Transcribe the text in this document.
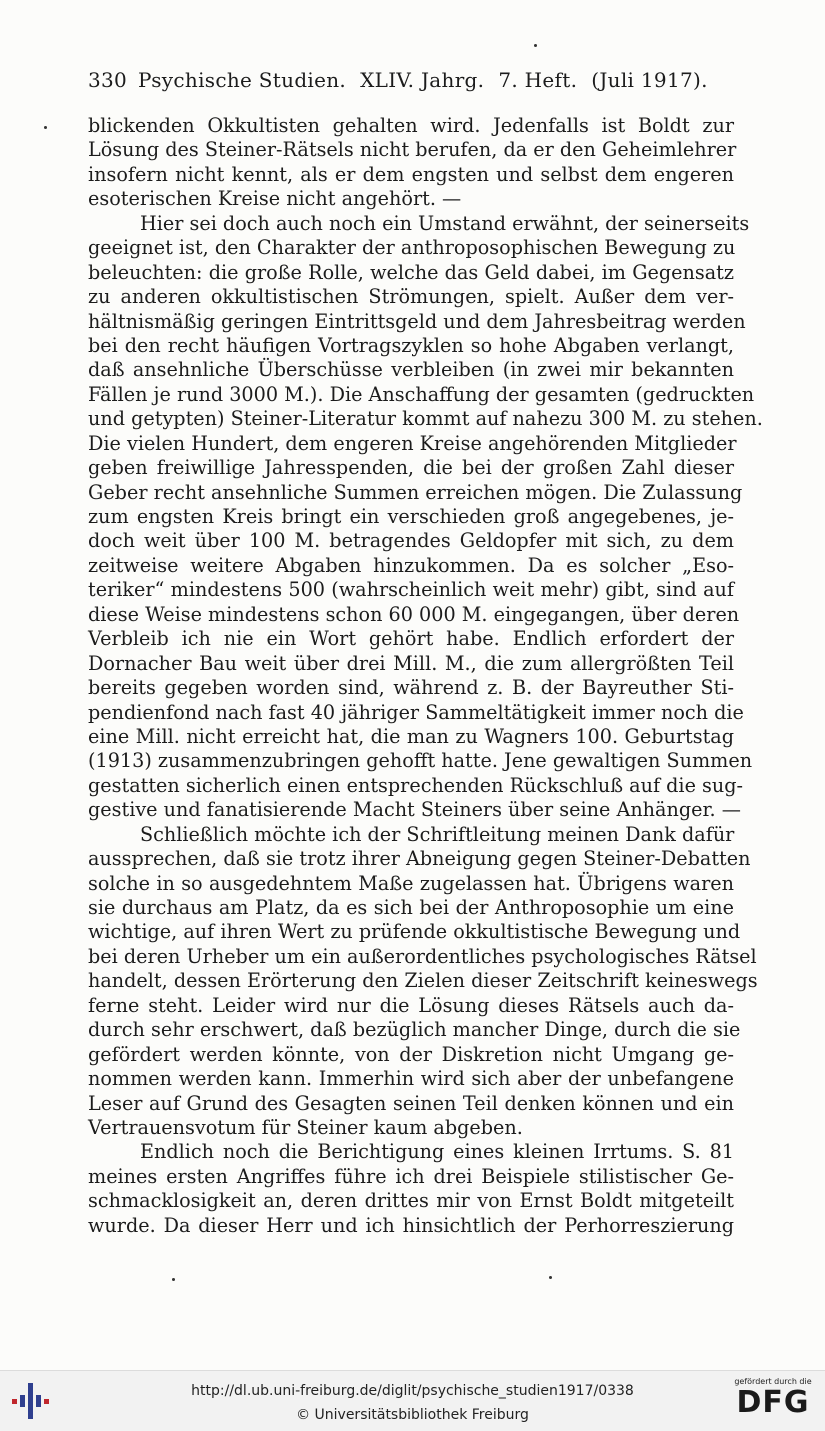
330 Psychische Studien. XLIV. Jahrg. 7. Heft. (Juli 1917).
blickenden Okkultisten gehalten wird. Jedenfalls ist Boldt zur
Lösung des Steiner-Rätsels nicht berufen, da er den Geheimlehrer
insofern nicht kennt, als er dem engsten und selbst dem engeren
esoterischen Kreise nicht angehört. —
Hier sei doch auch noch ein Umstand erwähnt, der seinerseits
geeignet ist, den Charakter der anthroposophischen Bewegung zu
beleuchten: die große Rolle, welche das Geld dabei, im Gegensatz
zu anderen okkultistischen Strömungen, spielt. Außer dem ver-
hältnismäßig geringen Eintrittsgeld und dem Jahresbeitrag werden
bei den recht häufigen Vortragszyklen so hohe Abgaben verlangt,
daß ansehnliche Überschüsse verbleiben (in zwei mir bekannten
Fällen je rund 3000 M.). Die Anschaffung der gesamten (gedruckten
und getypten) Steiner-Literatur kommt auf nahezu 300 M. zu stehen.
Die vielen Hundert, dem engeren Kreise angehörenden Mitglieder
geben freiwillige Jahresspenden, die bei der großen Zahl dieser
Geber recht ansehnliche Summen erreichen mögen. Die Zulassung
zum engsten Kreis bringt ein verschieden groß angegebenes, je-
doch weit über 100 M. betragendes Geldopfer mit sich, zu dem
zeitweise weitere Abgaben hinzukommen. Da es solcher „Eso-
teriker“ mindestens 500 (wahrscheinlich weit mehr) gibt, sind auf
diese Weise mindestens schon 60 000 M. eingegangen, über deren
Verbleib ich nie ein Wort gehört habe. Endlich erfordert der
Dornacher Bau weit über drei Mill. M., die zum allergrößten Teil
bereits gegeben worden sind, während z. B. der Bayreuther Sti-
pendienfond nach fast 40 jähriger Sammeltätigkeit immer noch die
eine Mill. nicht erreicht hat, die man zu Wagners 100. Geburtstag
(1913) zusammenzubringen gehofft hatte. Jene gewaltigen Summen
gestatten sicherlich einen entsprechenden Rückschluß auf die sug-
gestive und fanatisierende Macht Steiners über seine Anhänger. —
Schließlich möchte ich der Schriftleitung meinen Dank dafür
aussprechen, daß sie trotz ihrer Abneigung gegen Steiner-Debatten
solche in so ausgedehntem Maße zugelassen hat. Übrigens waren
sie durchaus am Platz, da es sich bei der Anthroposophie um eine
wichtige, auf ihren Wert zu prüfende okkultistische Bewegung und
bei deren Urheber um ein außerordentliches psychologisches Rätsel
handelt, dessen Erörterung den Zielen dieser Zeitschrift keineswegs
ferne steht. Leider wird nur die Lösung dieses Rätsels auch da-
durch sehr erschwert, daß bezüglich mancher Dinge, durch die sie
gefördert werden könnte, von der Diskretion nicht Umgang ge-
nommen werden kann. Immerhin wird sich aber der unbefangene
Leser auf Grund des Gesagten seinen Teil denken können und ein
Vertrauensvotum für Steiner kaum abgeben.
Endlich noch die Berichtigung eines kleinen Irrtums. S. 81
meines ersten Angriffes führe ich drei Beispiele stilistischer Ge-
schmacklosigkeit an, deren drittes mir von Ernst Boldt mitgeteilt
wurde. Da dieser Herr und ich hinsichtlich der Perhorreszierung
http://dl.ub.uni-freiburg.de/diglit/psychische_studien1917/0338
© Universitätsbibliothek Freiburg
gefördert durch die
DFG
